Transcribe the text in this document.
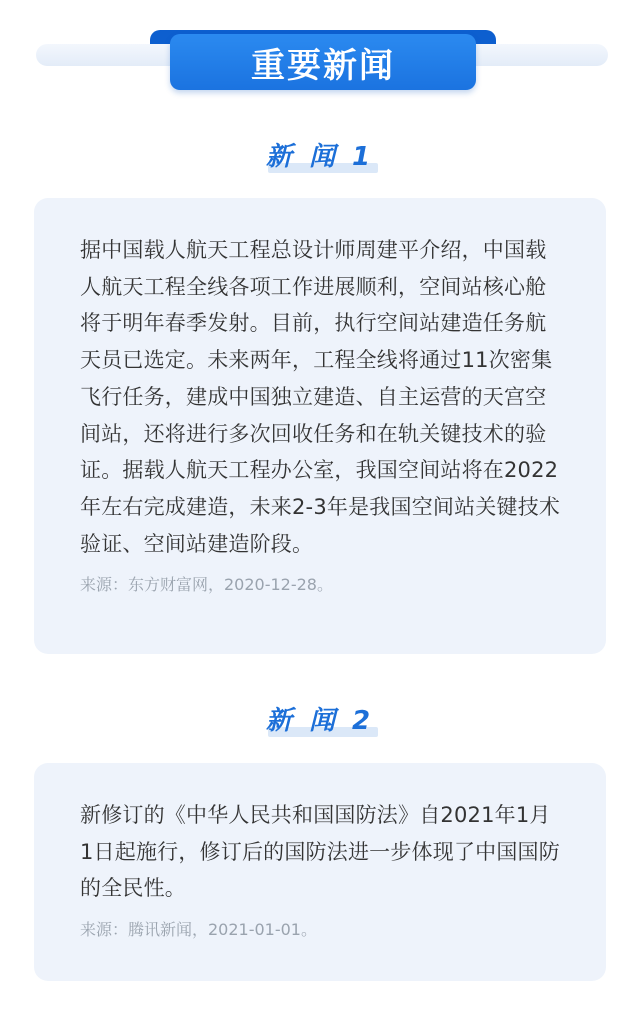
重要新闻
新 闻 1

据中国载人航天工程总设计师周建平介绍，中国载人航天工程全线各项工作进展顺利，空间站核心舱将于明年春季发射。目前，执行空间站建造任务航天员已选定。未来两年，工程全线将通过11次密集飞行任务，建成中国独立建造、自主运营的天宫空间站，还将进行多次回收任务和在轨关键技术的验证。据载人航天工程办公室，我国空间站将在2022年左右完成建造，未来2-3年是我国空间站关键技术验证、空间站建造阶段。

来源：东方财富网，2020-12-28。
新 闻 2

新修订的《中华人民共和国国防法》自2021年1月1日起施行，修订后的国防法进一步体现了中国国防的全民性。

来源：腾讯新闻，2021-01-01。
